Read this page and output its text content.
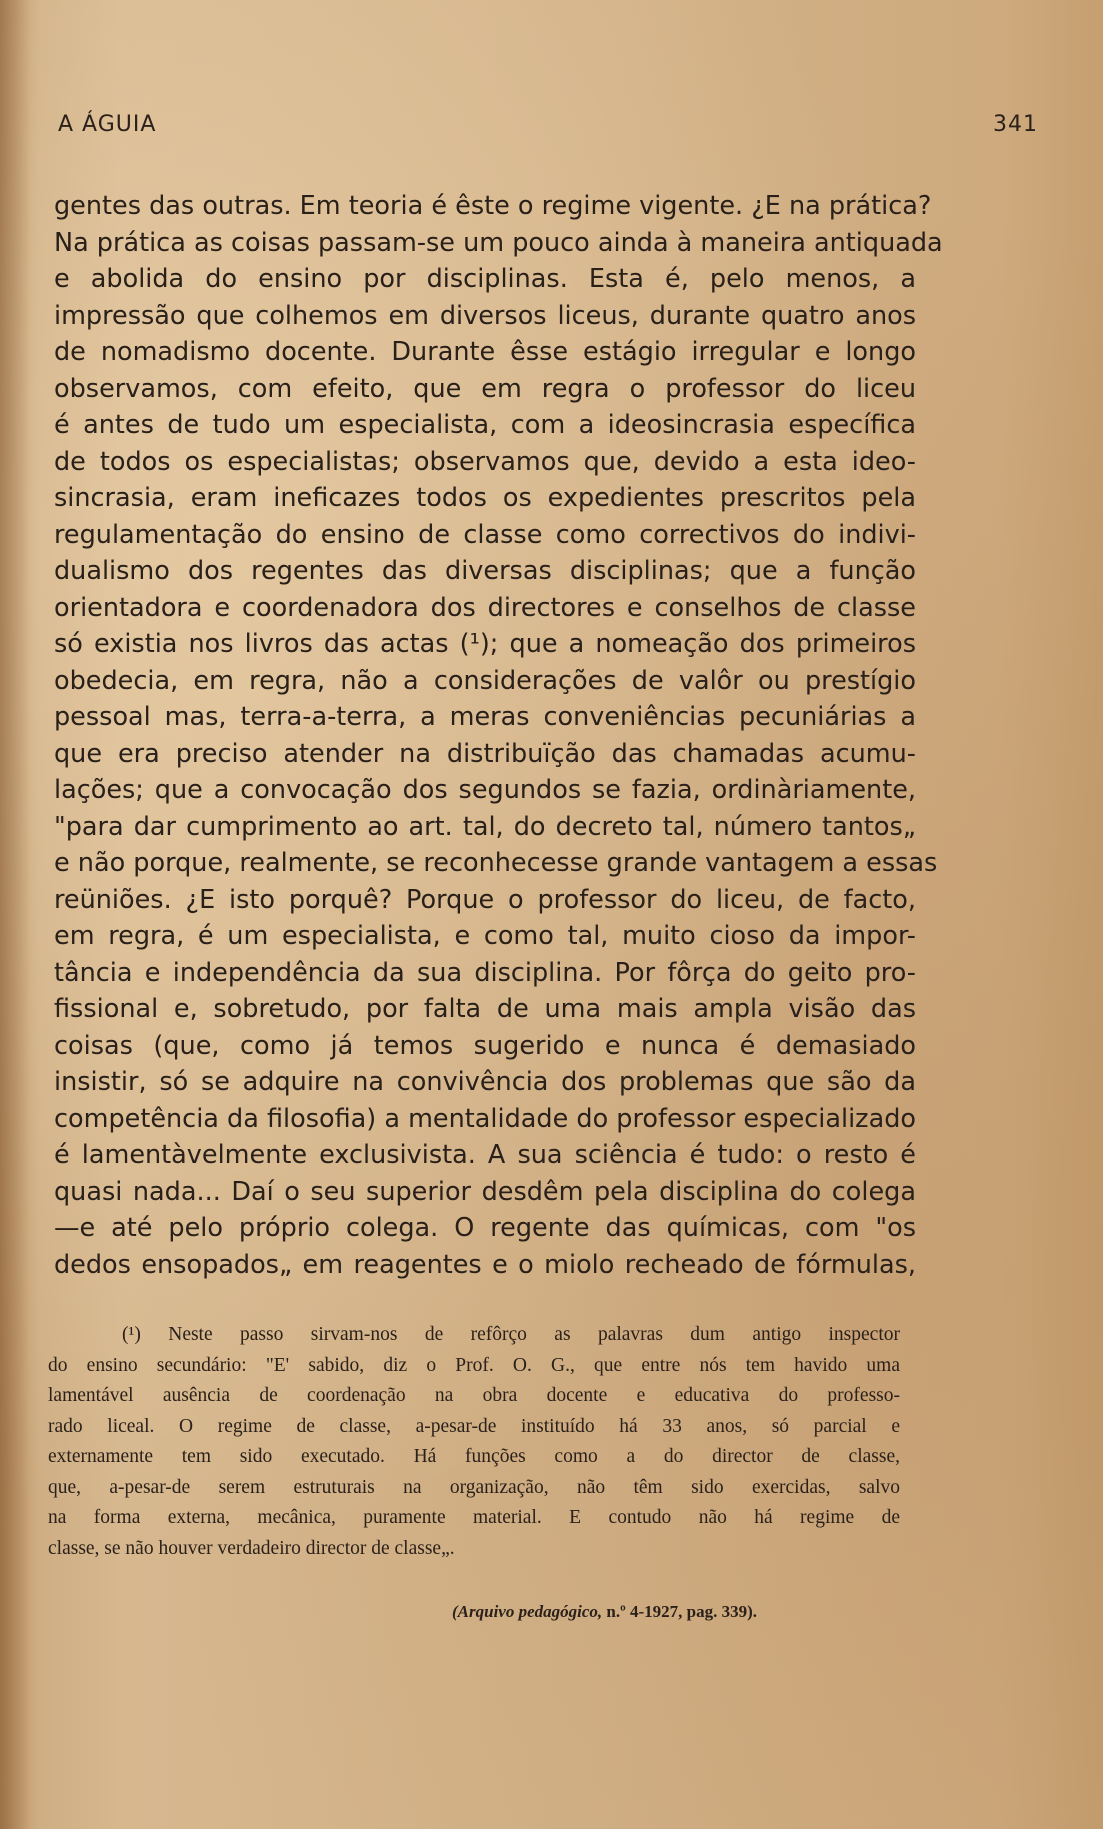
A ÁGUIA	341
gentes das outras. Em teoria é êste o regime vigente. ¿E na prática?
Na prática as coisas passam-se um pouco ainda à maneira antiquada
e abolida do ensino por disciplinas. Esta é, pelo menos, a
impressão que colhemos em diversos liceus, durante quatro anos
de nomadismo docente. Durante êsse estágio irregular e longo
observamos, com efeito, que em regra o professor do liceu
é antes de tudo um especialista, com a ideosincrasia específica
de todos os especialistas; observamos que, devido a esta ideo-
sincrasia, eram ineficazes todos os expedientes prescritos pela
regulamentação do ensino de classe como correctivos do indivi-
dualismo dos regentes das diversas disciplinas; que a função
orientadora e coordenadora dos directores e conselhos de classe
só exi̇stia nos livros das actas (¹); que a nomeação dos primeiros
obedecia, em regra, não a considerações de valôr ou prestígio
pessoal mas, terra-a-terra, a meras conveniências pecuniárias a
que era preciso atender na distribuïção das chamadas acumu-
lações; que a convocação dos segundos se fazia, ordinàriamente,
"para dar cumprimento ao art. tal, do decreto tal, número tantos„
e não porque, realmente, se reconhecesse grande vantagem a essas
reüniões. ¿E isto porquê? Porque o professor do liceu, de facto,
em regra, é um especialista, e como tal, muito cioso da impor-
tância e independência da sua disciplina. Por fôrça do geito pro-
fissional e, sobretudo, por falta de uma mais ampla visão das
coisas (que, como já temos sugerido e nunca é demasiado
insistir, só se adquire na convivência dos problemas que são da
competência da filosofia) a mentalidade do professor especializado
é lamentàvelmente exclusivista. A sua sciência é tudo: o resto é
quasi nada... Daí o seu superior desdêm pela disciplina do colega
—e até pelo próprio colega. O regente das químicas, com "os
dedos ensopados„ em reagentes e o miolo recheado de fórmulas,
(¹) Neste passo sirvam-nos de refôrço as palavras dum antigo inspector
do ensino secundário: "E' sabido, diz o Prof. O. G., que entre nós tem havido uma
lamentável ausência de coordenação na obra docente e educativa do professo-
rado liceal. O regime de classe, a-pesar-de instituído há 33 anos, só parcial e
externamente tem sido executado. Há funções como a do director de classe,
que, a-pesar-de serem estruturais na organização, não têm sido exercidas, salvo
na forma externa, mecânica, puramente material. E contudo não há regime de
classe, se não houver verdadeiro director de classe„.
(Arquivo pedagógico, n.º 4-1927, pag. 339).
